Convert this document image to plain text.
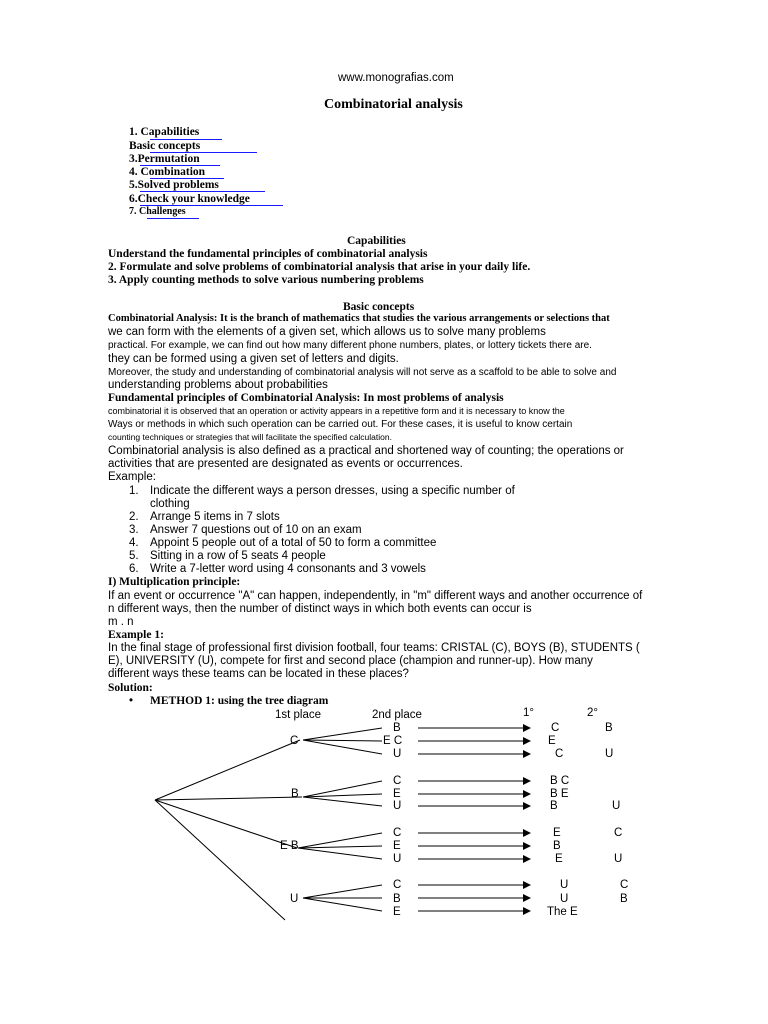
www.monografias.com
Combinatorial analysis
1. Capabilities
Basic concepts
3.Permutation
4. Combination
5.Solved problems
6.Check your knowledge
7. Challenges
Capabilities
Understand the fundamental principles of combinatorial analysis
2. Formulate and solve problems of combinatorial analysis that arise in your daily life.
3. Apply counting methods to solve various numbering problems
Basic concepts
Combinatorial Analysis: It is the branch of mathematics that studies the various arrangements or selections that
we can form with the elements of a given set, which allows us to solve many problems
practical. For example, we can find out how many different phone numbers, plates, or lottery tickets there are.
they can be formed using a given set of letters and digits.
Moreover, the study and understanding of combinatorial analysis will not serve as a scaffold to be able to solve and
understanding problems about probabilities
Fundamental principles of Combinatorial Analysis: In most problems of analysis
combinatorial it is observed that an operation or activity appears in a repetitive form and it is necessary to know the
Ways or methods in which such operation can be carried out. For these cases, it is useful to know certain
counting techniques or strategies that will facilitate the specified calculation.
Combinatorial analysis is also defined as a practical and shortened way of counting; the operations or
activities that are presented are designated as events or occurrences.
Example:
1. Indicate the different ways a person dresses, using a specific number of
clothing
2. Arrange 5 items in 7 slots
3. Answer 7 questions out of 10 on an exam
4. Appoint 5 people out of a total of 50 to form a committee
5. Sitting in a row of 5 seats 4 people
6. Write a 7-letter word using 4 consonants and 3 vowels
I) Multiplication principle:
If an event or occurrence "A" can happen, independently, in "m" different ways and another occurrence of
n different ways, then the number of distinct ways in which both events can occur is
m . n
Example 1:
In the final stage of professional first division football, four teams: CRISTAL (C), BOYS (B), STUDENTS (
E), UNIVERSITY (U), compete for first and second place (champion and runner-up). How many
different ways these teams can be located in these places?
Solution:
• METHOD 1: using the tree diagram
1st place	2nd place	1°	2°
C
B
E C
U
C	B
E
C	U
B
C
E
U
B C
B E
B	U
E B
C
E
U
E	C
B
E	U
U
C
B
E
U	C
U	B
The E
